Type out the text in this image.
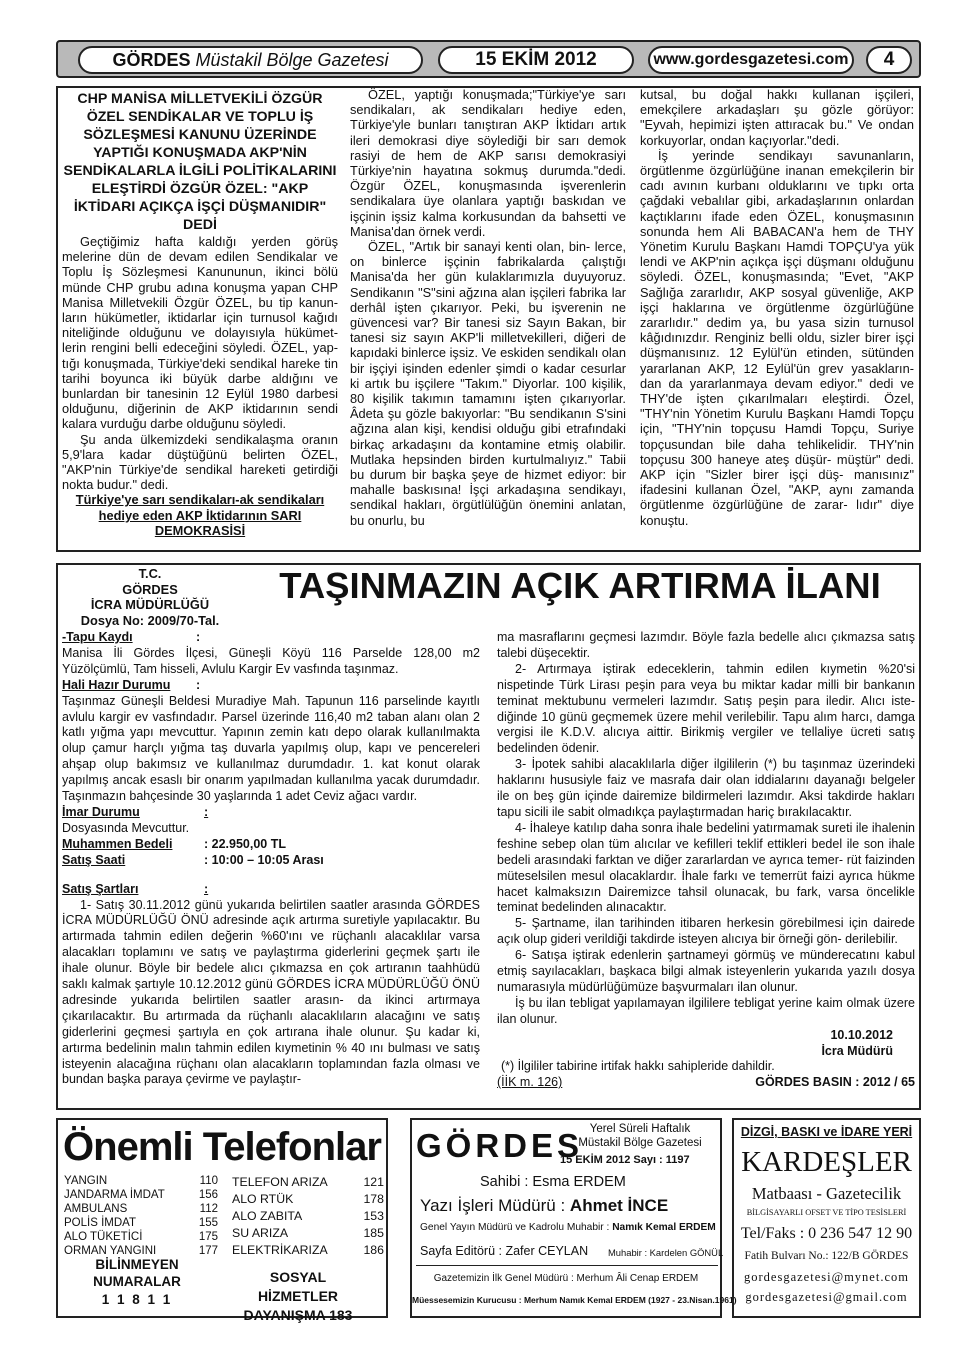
GÖRDES
Müstakil Bölge Gazetesi	15 EKİM 2012	www.gordesgazetesi.com	4

CHP MANİSA MİLLETVEKİLİ ÖZGÜR ÖZEL SENDİKALAR VE TOPLU İŞ SÖZLEŞMESİ KANUNU ÜZERİNDE YAPTIĞI KONUŞMADA AKP'NİN SENDİKALARLA İLGİLİ POLİTİKALARINI ELEŞTİRDİ ÖZGÜR ÖZEL: "AKP İKTİDARI AÇIKÇA İŞÇİ DÜŞMANIDIR" DEDİ

Geçtiğimiz hafta kaldığı yerden görüş melerine dün de devam edilen Sendikalar ve Toplu İş Sözleşmesi Kanununun, ikinci bölü münde CHP grubu adına konuşma yapan CHP Manisa Milletvekili Özgür ÖZEL, bu tip kanun- ların hükümetler, iktidarlar için turnusol kağıdı niteliğinde olduğunu ve dolayısıyla hükümet- lerin rengini belli edeceğini söyledi. ÖZEL, yap- tığı konuşmada, Türkiye'deki sendikal hareke tin tarihi boyunca iki büyük darbe aldığını ve bunlardan bir tanesinin 12 Eylül 1980 darbesi olduğunu, diğerinin de AKP iktidarının sendi kalara vurduğu darbe olduğunu söyledi.

Şu anda ülkemizdeki sendikalaşma oranın 5,9'lara kadar düştüğünü belirten ÖZEL, "AKP'nin Türkiye'de sendikal hareketi getirdiği nokta budur." dedi.

Türkiye'ye sarı sendikaları-ak sendikaları hediye eden AKP İktidarının SARI DEMOKRASİSİ

ÖZEL, yaptığı konuşmada;"Türkiye'ye sarı sendikaları, ak sendikaları hediye eden, Türkiye'yle bunları tanıştıran AKP İktidarı artık ileri demokrasi diye söylediği bir sarı demok rasiyi de hem de AKP sarısı demokrasiyi Türkiye'nin hayatına sokmuş durumda."dedi. Özgür ÖZEL, konuşmasında işverenlerin sendikalara üye olanlara yaptığı baskıdan ve işçinin işsiz kalma korkusundan da bahsetti ve Manisa'dan örnek verdi.

ÖZEL, "Artık bir sanayi kenti olan, bin- lerce, on binlerce işçinin fabrikalarda çalıştığı Manisa'da her gün kulaklarımızla duyuyoruz. Sendikanın "S"sini ağzına alan işçileri fabrika lar derhâl işten çıkarıyor. Peki, bu işverenin ne güvencesi var? Bir tanesi siz Sayın Bakan, bir tanesi siz sayın AKP'li milletvekilleri, diğeri de kapıdaki binlerce işsiz. Ve eskiden sendikalı olan bir işçiyi işinden edenler şimdi o kadar cesurlar ki artık bu işçilere "Takım." Diyorlar. 100 kişilik, 80 kişilik takımın tamamını işten çıkarıyorlar. Âdeta şu gözle bakıyorlar: "Bu sendikanın S'sini ağzına alan kişi, kendisi olduğu gibi etrafındaki birkaç arkadaşını da kontamine etmiş olabilir. Mutlaka hepsinden birden kurtulmalıyız." Tabii bu durum bir başka şeye de hizmet ediyor: bir mahalle baskısına! İşçi arkadaşına sendikayı, sendikal hakları, örgütlülüğün önemini anlatan, bu onurlu, bu

kutsal, bu doğal hakkı kullanan işçileri, emekçilere arkadaşları şu gözle görüyor: "Eyvah, hepimizi işten attıracak bu." Ve ondan korkuyorlar, ondan kaçıyorlar."dedi.

İş yerinde sendikayı savunanların, örgütlenme özgürlüğüne inanan emekçilerin bir cadı avının kurbanı olduklarını ve tıpkı orta çağdaki vebalılar gibi, arkadaşlarının onlardan kaçtıklarını ifade eden ÖZEL, konuşmasının sonunda hem Ali BABACAN'a hem de THY Yönetim Kurulu Başkanı Hamdi TOPÇU'ya yük lendi ve AKP'nin açıkça işçi düşmanı olduğunu söyledi. ÖZEL, konuşmasında; "Evet, "AKP Sağlığa zararlıdır, AKP sosyal güvenliğe, AKP işçi haklarına ve örgütlenme özgürlüğüne zararlıdır." dedim ya, bu yasa sizin turnusol kâğıdınızdır. Renginiz belli oldu, sizler birer işçi düşmanısınız. 12 Eylül'ün etinden, sütünden yararlanan AKP, 12 Eylül'ün grev yasakların- dan da yararlanmaya devam ediyor." dedi ve THY'de işten çıkarılmaları eleştirdi. Özel, "THY'nin Yönetim Kurulu Başkanı Hamdi Topçu için, "THY'nin topçusu Hamdi Topçu, Suriye topçusundan bile daha tehlikelidir. THY'nin topçusu 300 haneye ateş düşür- müştür" dedi. AKP için "Sizler birer işçi düş- manısınız" ifadesini kullanan Özel, "AKP, aynı zamanda örgütlenme özgürlüğüne de zarar- lıdır" diye konuştu.

T.C.
GÖRDES
İCRA MÜDÜRLÜĞÜ
Dosya No: 2009/70-Tal.
TAŞINMAZIN AÇIK ARTIRMA İLANI

-Tapu Kaydı	:

Manisa İli Gördes İlçesi, Güneşli Köyü 116 Parselde 128,00 m2 Yüzölçümlü, Tam hisseli, Avlulu Kargir Ev vasfında taşınmaz.

Hali Hazır Durumu :

Taşınmaz Güneşli Beldesi Muradiye Mah. Tapunun 116 parselinde kayıtlı avlulu kargir ev vasfındadır. Parsel üzerinde 116,40 m2 taban alanı olan 2 katlı yığma yapı mevcuttur. Yapının zemin katı depo olarak kullanılmakta olup çamur harçlı yığma taş duvarla yapılmış olup, kapı ve pencereleri ahşap olup bakımsız ve kullanılmaz durumdadır. 1. kat konut olarak yapılmış ancak esaslı bir onarım yapılmadan kullanılma yacak durumdadır. Taşınmazın bahçesinde 30 yaşlarında 1 adet Ceviz ağacı vardır.

İmar Durumu	:

Dosyasında Mevcuttur.

Muhammen Bedeli	: 22.950,00 TL

Satış Saati	: 10:00 – 10:05 Arası

Satış Şartları	:

1- Satış 30.11.2012 günü yukarıda belirtilen saatler arasında GÖRDES İCRA MÜDÜRLÜĞÜ ÖNÜ adresinde açık artırma suretiyle yapılacaktır. Bu artırmada tahmin edilen değerin %60'ını ve rüçhanlı alacaklılar varsa alacakları toplamını ve satış ve paylaştırma giderlerini geçmek şartı ile ihale olunur. Böyle bir bedele alıcı çıkmazsa en çok artıranın taahhüdü saklı kalmak şartıyle 10.12.2012 günü GÖRDES İCRA MÜDÜRLÜĞÜ ÖNÜ adresinde yukarıda belirtilen saatler arasın- da ikinci artırmaya çıkarılacaktır. Bu artırmada da rüçhanlı alacaklıların alacağını ve satış giderlerini geçmesi şartıyla en çok artırana ihale olunur. Şu kadar ki, artırma bedelinin malın tahmin edilen kıymetinin % 40 ını bulması ve satış isteyenin alacağına rüçhanı olan alacakların toplamından fazla olması ve bundan başka paraya çevirme ve paylaştır-

ma masraflarını geçmesi lazımdır. Böyle fazla bedelle alıcı çıkmazsa satış talebi düşecektir.

2- Artırmaya iştirak edeceklerin, tahmin edilen kıymetin %20'si nispetinde Türk Lirası peşin para veya bu miktar kadar milli bir bankanın teminat mektubunu vermeleri lazımdır. Satış peşin para iledir. Alıcı iste- diğinde 10 günü geçmemek üzere mehil verilebilir. Tapu alım harcı, damga vergisi ile K.D.V. alıcıya aittir. Birikmiş vergiler ve tellaliye ücreti satış bedelinden ödenir.

3- İpotek sahibi alacaklılarla diğer ilgililerin (*) bu taşınmaz üzerindeki haklarını hususiyle faiz ve masrafa dair olan iddialarını dayanağı belgeler ile on beş gün içinde dairemize bildirmeleri lazımdır. Aksi takdirde hakları tapu sicili ile sabit olmadıkça paylaştırmadan hariç bırakılacaktır.

4- İhaleye katılıp daha sonra ihale bedelini yatırmamak sureti ile ihalenin feshine sebep olan tüm alıcılar ve kefilleri teklif ettikleri bedel ile son ihale bedeli arasındaki farktan ve diğer zararlardan ve ayrıca temer- rüt faizinden müteselsilen mesul olacaklardır. İhale farkı ve temerrüt faizi ayrıca hükme hacet kalmaksızın Dairemizce tahsil olunacak, bu fark, varsa öncelikle teminat bedelinden alınacaktır.

5- Şartname, ilan tarihinden itibaren herkesin görebilmesi için dairede açık olup gideri verildiği takdirde isteyen alıcıya bir örneği gön- derilebilir.

6- Satışa iştirak edenlerin şartnameyi görmüş ve münderecatını kabul etmiş sayılacakları, başkaca bilgi almak isteyenlerin yukarıda yazılı dosya numarasıyla müdürlüğümüze başvurmaları ilan olunur.

İş bu ilan tebligat yapılamayan ilgililere tebligat yerine kaim olmak üzere ilan olunur.

10.10.2012

İcra Müdürü

(*) İlgililer tabirine irtifak hakkı sahipleride dahildir.

(İİK m. 126)	GÖRDES BASIN : 2012 / 65
Önemli Telefonlar
YANGIN	110
JANDARMA İMDAT	156
AMBULANS	112
POLİS İMDAT	155
ALO TÜKETİCİ	175
ORMAN YANGINI	177
TELEFON ARIZA	121
ALO RTÜK	178
ALO ZABITA	153
SU ARIZA	185
ELEKTRİKARIZA	186
BİLİNMEYEN NUMARALAR
1 1 8 1 1
SOSYAL HİZMETLER DAYANIŞMA 183
GÖRDES Yerel Süreli Haftalık
Müstakil Bölge Gazetesi
15 EKİM 2012 Sayı : 1197
Sahibi : Esma ERDEM
Yazı İşleri Müdürü : Ahmet İNCE
Genel Yayın Müdürü ve Kadrolu Muhabir : Namık Kemal ERDEM
Sayfa Editörü : Zafer CEYLAN Muhabir : Kardelen GÖNÜL
Gazetemizin İlk Genel Müdürü : Merhum Âli Cenap ERDEM
Müessesemizin Kurucusu : Merhum Namık Kemal ERDEM (1927 - 23.Nisan.1961)
DİZGİ, BASKI ve İDARE YERİ
KARDEŞLER
Matbaası - Gazetecilik
BİLGİSAYARLI OFSET VE TİPO TESİSLERİ
Tel/Faks : 0 236 547 12 90
Fatih Bulvarı No.: 122/B GÖRDES
gordesgazetesi@mynet.com
gordesgazetesi@gmail.com
